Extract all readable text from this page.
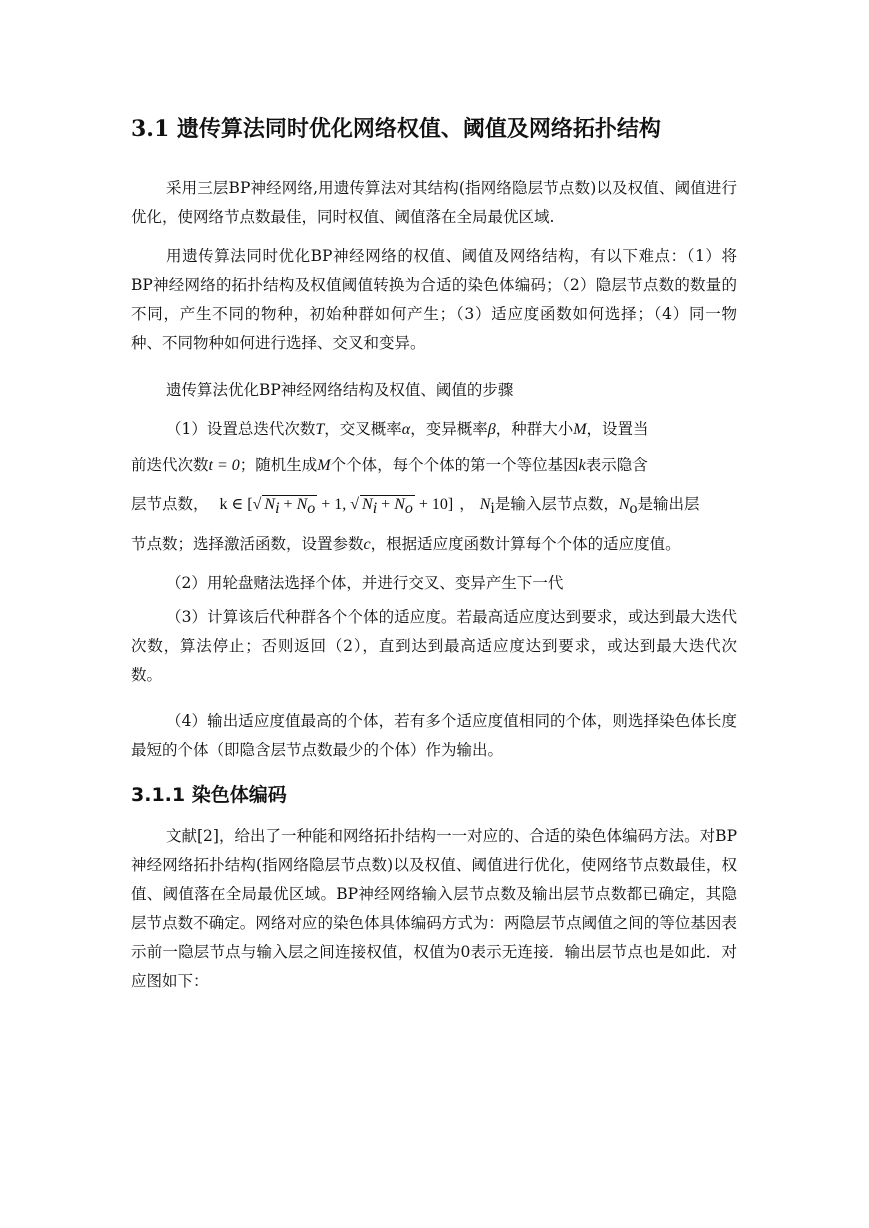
3.1 遗传算法同时优化网络权值、阈值及网络拓扑结构

采用三层BP神经网络,用遗传算法对其结构(指网络隐层节点数)以及权值、阈值进行优化，使网络节点数最佳，同时权值、阈值落在全局最优区域.

用遗传算法同时优化BP神经网络的权值、阈值及网络结构，有以下难点：（1）将BP神经网络的拓扑结构及权值阈值转换为合适的染色体编码；（2）隐层节点数的数量的不同，产生不同的物种，初始种群如何产生；（3）适应度函数如何选择；（4）同一物种、不同物种如何进行选择、交叉和变异。

遗传算法优化BP神经网络结构及权值、阈值的步骤

（1）设置总迭代次数T，交叉概率α，变异概率β，种群大小M，设置当
前迭代次数t = 0；随机生成M个个体，每个个体的第一个等位基因k表示隐含
层节点数， k ∈ [√ $N_i + N_o + 1$, √ $N_i + N_o + 10$] ， $N_i$是输入层节点数，$N_o$是输出层
节点数；选择激活函数，设置参数c，根据适应度函数计算每个个体的适应度值。

（2）用轮盘赌法选择个体，并进行交叉、变异产生下一代

（3）计算该后代种群各个个体的适应度。若最高适应度达到要求，或达到最大迭代次数，算法停止；否则返回（2），直到达到最高适应度达到要求，或达到最大迭代次数。

（4）输出适应度值最高的个体，若有多个适应度值相同的个体，则选择染色体长度最短的个体（即隐含层节点数最少的个体）作为输出。

3.1.1 染色体编码

文献[2]，给出了一种能和网络拓扑结构一一对应的、合适的染色体编码方法。对BP神经网络拓扑结构(指网络隐层节点数)以及权值、阈值进行优化，使网络节点数最佳，权值、阈值落在全局最优区域。BP神经网络输入层节点数及输出层节点数都已确定，其隐层节点数不确定。网络对应的染色体具体编码方式为：两隐层节点阈值之间的等位基因表示前一隐层节点与输入层之间连接权值，权值为0表示无连接．输出层节点也是如此．对应图如下：
